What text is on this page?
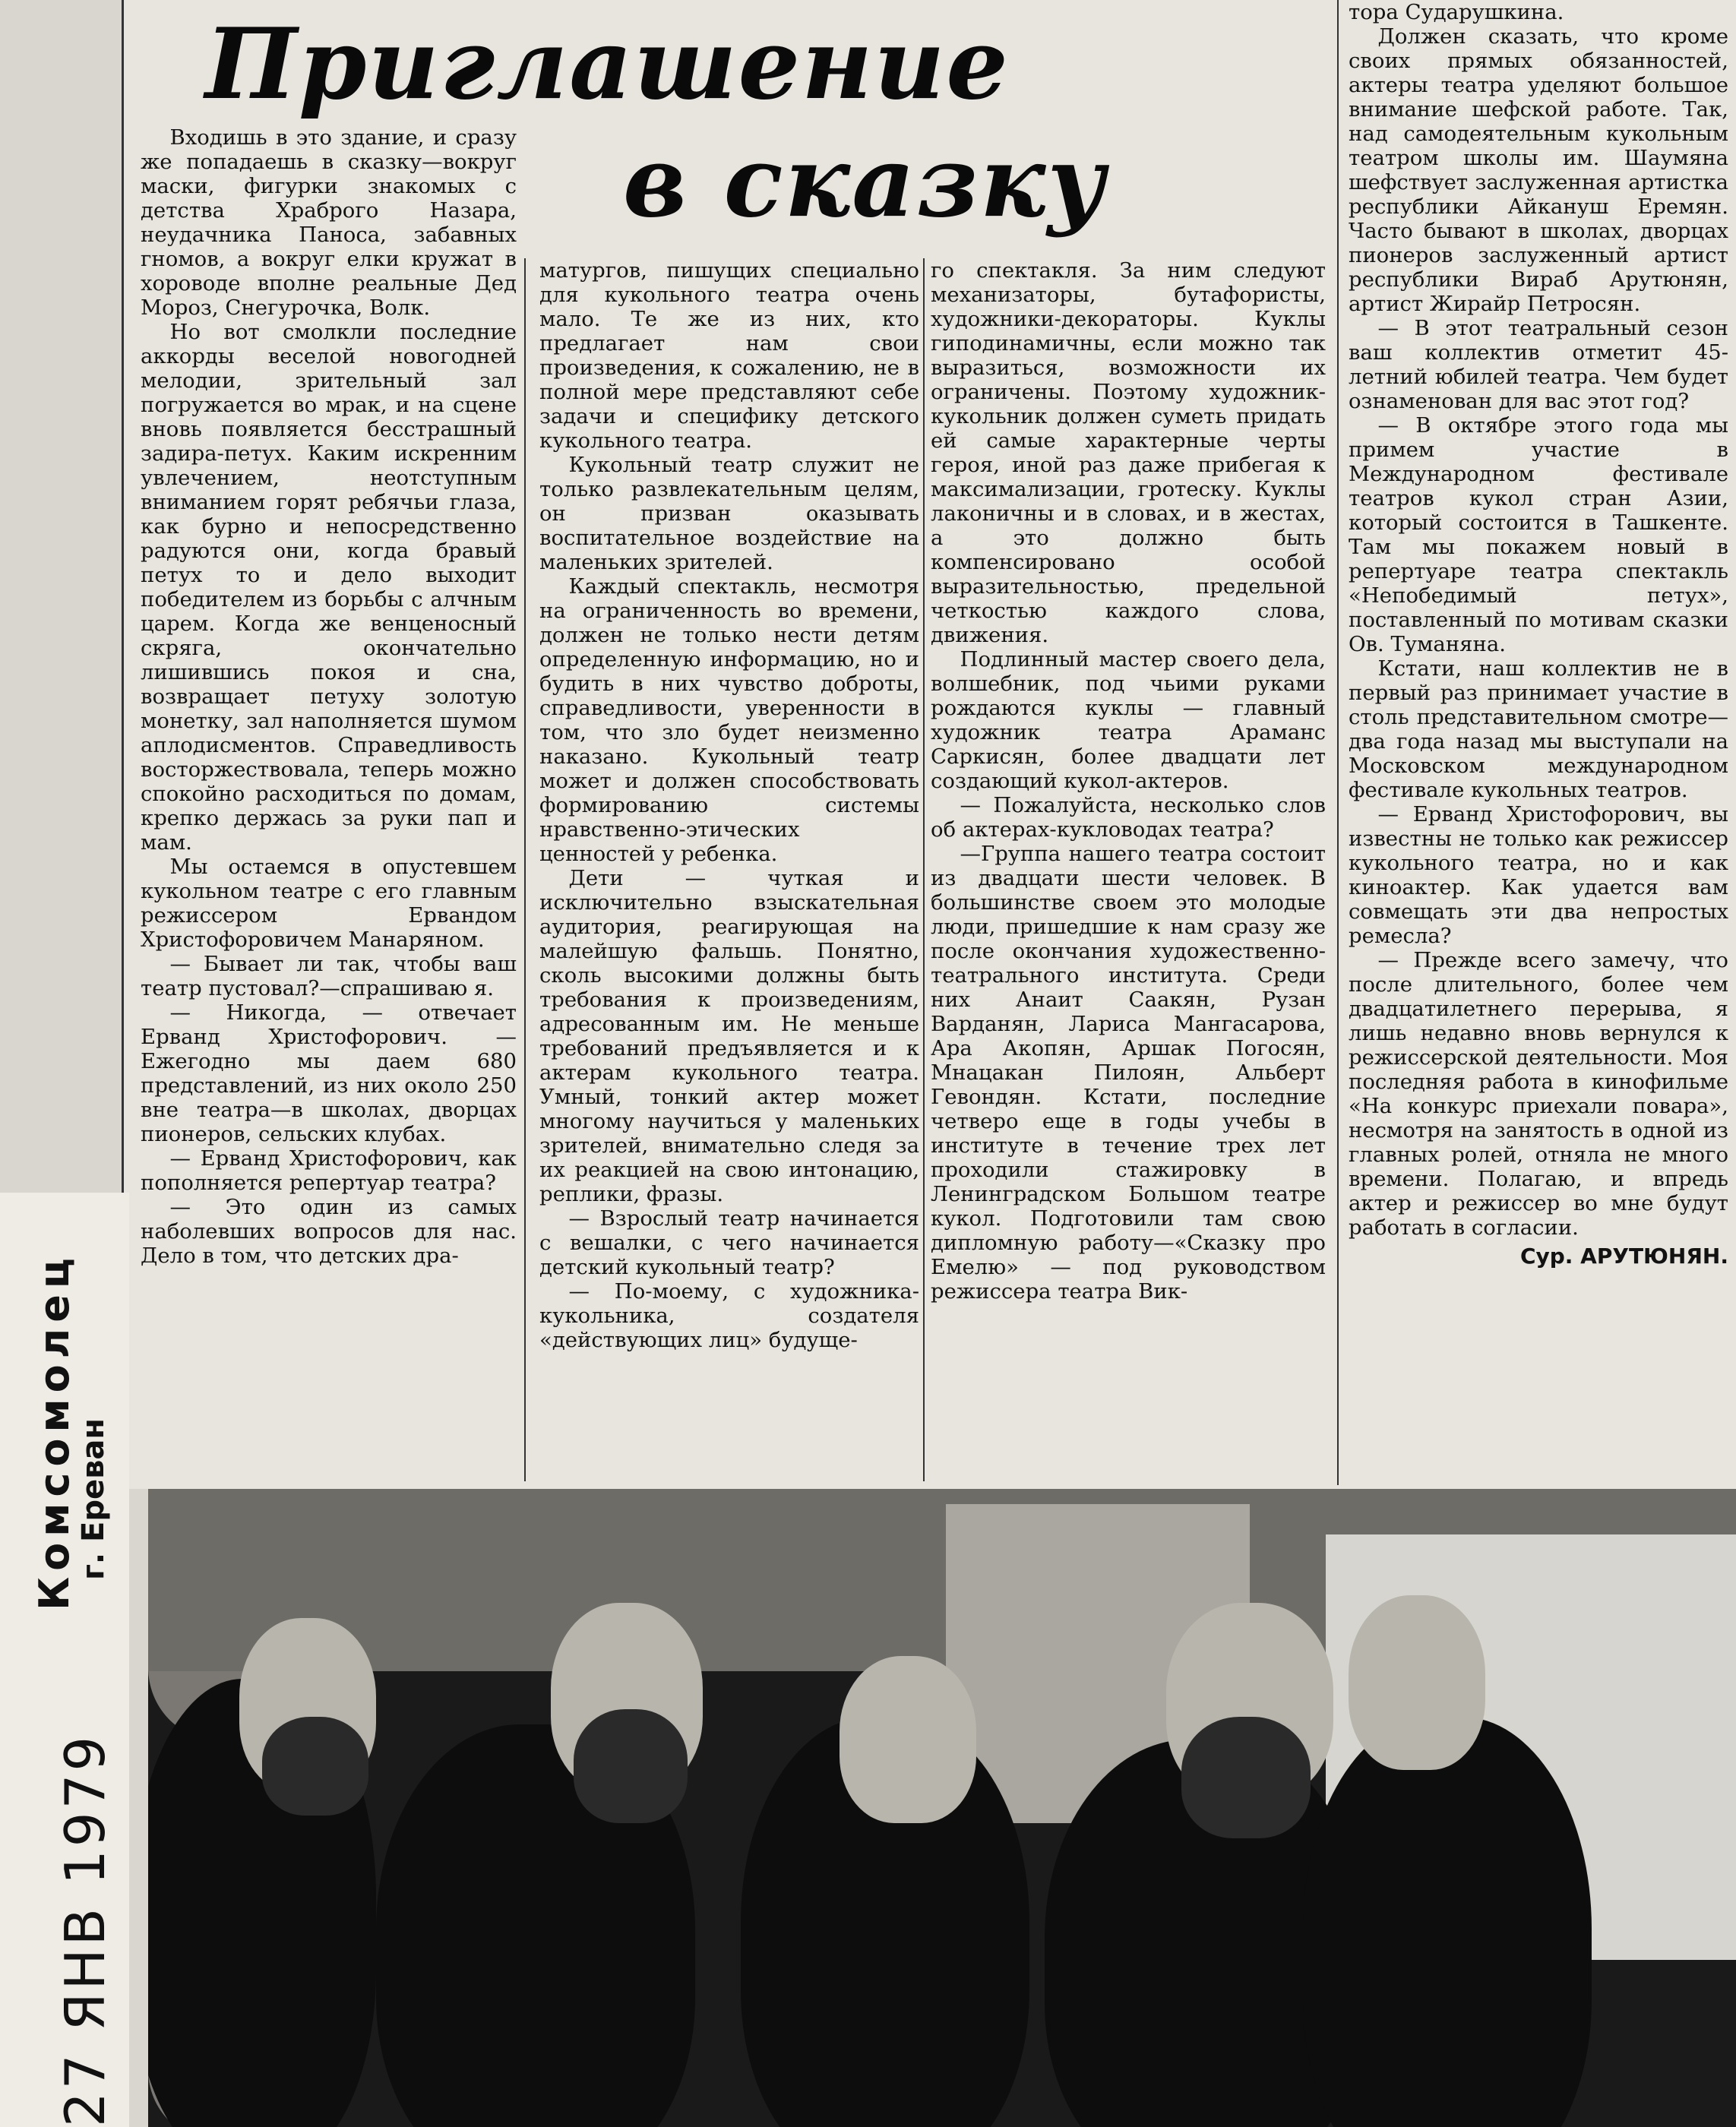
Приглашение
в сказку

Входишь в это здание, и сразу же попадаешь в сказку—вокруг маски, фигурки знакомых с детства Храброго Назара, неудачника Паноса, забавных гномов, а вокруг елки кружат в хороводе вполне реальные Дед Мороз, Снегурочка, Волк.

Но вот смолкли последние аккорды веселой новогодней мелодии, зрительный зал погружается во мрак, и на сцене вновь появляется бесстрашный задира-петух. Каким искренним увлечением, неотступным вниманием горят ребячьи глаза, как бурно и непосредственно радуются они, когда бравый петух то и дело выходит победителем из борьбы с алчным царем. Когда же венценосный скряга, окончательно лишившись покоя и сна, возвращает петуху золотую монетку, зал наполняется шумом аплодисментов. Справедливость восторжествовала, теперь можно спокойно расходиться по домам, крепко держась за руки пап и мам.

Мы остаемся в опустевшем кукольном театре с его главным режиссером Ервандом Христофоровичем Манаряном.

— Бывает ли так, чтобы ваш театр пустовал?—спрашиваю я.

— Никогда, — отвечает Ерванд Христофорович. — Ежегодно мы даем 680 представлений, из них около 250 вне театра—в школах, дворцах пионеров, сельских клубах.

— Ерванд Христофорович, как пополняется репертуар театра?

— Это один из самых наболевших вопросов для нас. Дело в том, что детских дра-

матургов, пишущих специально для кукольного театра очень мало. Те же из них, кто предлагает нам свои произведения, к сожалению, не в полной мере представляют себе задачи и специфику детского кукольного театра.

Кукольный театр служит не только развлекательным целям, он призван оказывать воспитательное воздействие на маленьких зрителей.

Каждый спектакль, несмотря на ограниченность во времени, должен не только нести детям определенную информацию, но и будить в них чувство доброты, справедливости, уверенности в том, что зло будет неизменно наказано. Кукольный театр может и должен способствовать формированию системы нравственно-этических ценностей у ребенка.

Дети — чуткая и исключительно взыскательная аудитория, реагирующая на малейшую фальшь. Понятно, сколь высокими должны быть требования к произведениям, адресованным им. Не меньше требований предъявляется и к актерам кукольного театра. Умный, тонкий актер может многому научиться у маленьких зрителей, внимательно следя за их реакцией на свою интонацию, реплики, фразы.

— Взрослый театр начинается с вешалки, с чего начинается детский кукольный театр?

— По-моему, с художника-кукольника, создателя «действующих лиц» будуще-

го спектакля. За ним следуют механизаторы, бутафористы, художники-декораторы. Куклы гиподинамичны, если можно так выразиться, возможности их ограничены. Поэтому художник-кукольник должен суметь придать ей самые характерные черты героя, иной раз даже прибегая к максимализации, гротеску. Куклы лаконичны и в словах, и в жестах, а это должно быть компенсировано особой выразительностью, предельной четкостью каждого слова, движения.

Подлинный мастер своего дела, волшебник, под чьими руками рождаются куклы — главный художник театра Араманс Саркисян, более двадцати лет создающий кукол-актеров.

— Пожалуйста, несколько слов об актерах-кукловодах театра?

—Группа нашего театра состоит из двадцати шести человек. В большинстве своем это молодые люди, пришедшие к нам сразу же после окончания художественно-театрального института. Среди них Анаит Саакян, Рузан Варданян, Лариса Мангасарова, Ара Акопян, Аршак Погосян, Мнацакан Пилоян, Альберт Гевондян. Кстати, последние четверо еще в годы учебы в институте в течение трех лет проходили стажировку в Ленинградском Большом театре кукол. Подготовили там свою дипломную работу—«Сказку про Емелю» — под руководством режиссера театра Вик-

тора Сударушкина.

Должен сказать, что кроме своих прямых обязанностей, актеры театра уделяют большое внимание шефской работе. Так, над самодеятельным кукольным театром школы им. Шаумяна шефствует заслуженная артистка республики Айкануш Еремян. Часто бывают в школах, дворцах пионеров заслуженный артист республики Вираб Арутюнян, артист Жирайр Петросян.

— В этот театральный сезон ваш коллектив отметит 45-летний юбилей театра. Чем будет ознаменован для вас этот год?

— В октябре этого года мы примем участие в Международном фестивале театров кукол стран Азии, который состоится в Ташкенте. Там мы покажем новый в репертуаре театра спектакль «Непобедимый петух», поставленный по мотивам сказки Ов. Туманяна.

Кстати, наш коллектив не в первый раз принимает участие в столь представительном смотре—два года назад мы выступали на Московском международном фестивале кукольных театров.

— Ерванд Христофорович, вы известны не только как режиссер кукольного театра, но и как киноактер. Как удается вам совмещать эти два непростых ремесла?

— Прежде всего замечу, что после длительного, более чем двадцатилетнего перерыва, я лишь недавно вновь вернулся к режиссерской деятельности. Моя последняя работа в кинофильме «На конкурс приехали повара», несмотря на занятость в одной из главных ролей, отняла не много времени. Полагаю, и впредь актер и режиссер во мне будут работать в согласии.

Сур. АРУТЮНЯН.
27 ЯНВ 1979
Комсомолец
г. Ереван
